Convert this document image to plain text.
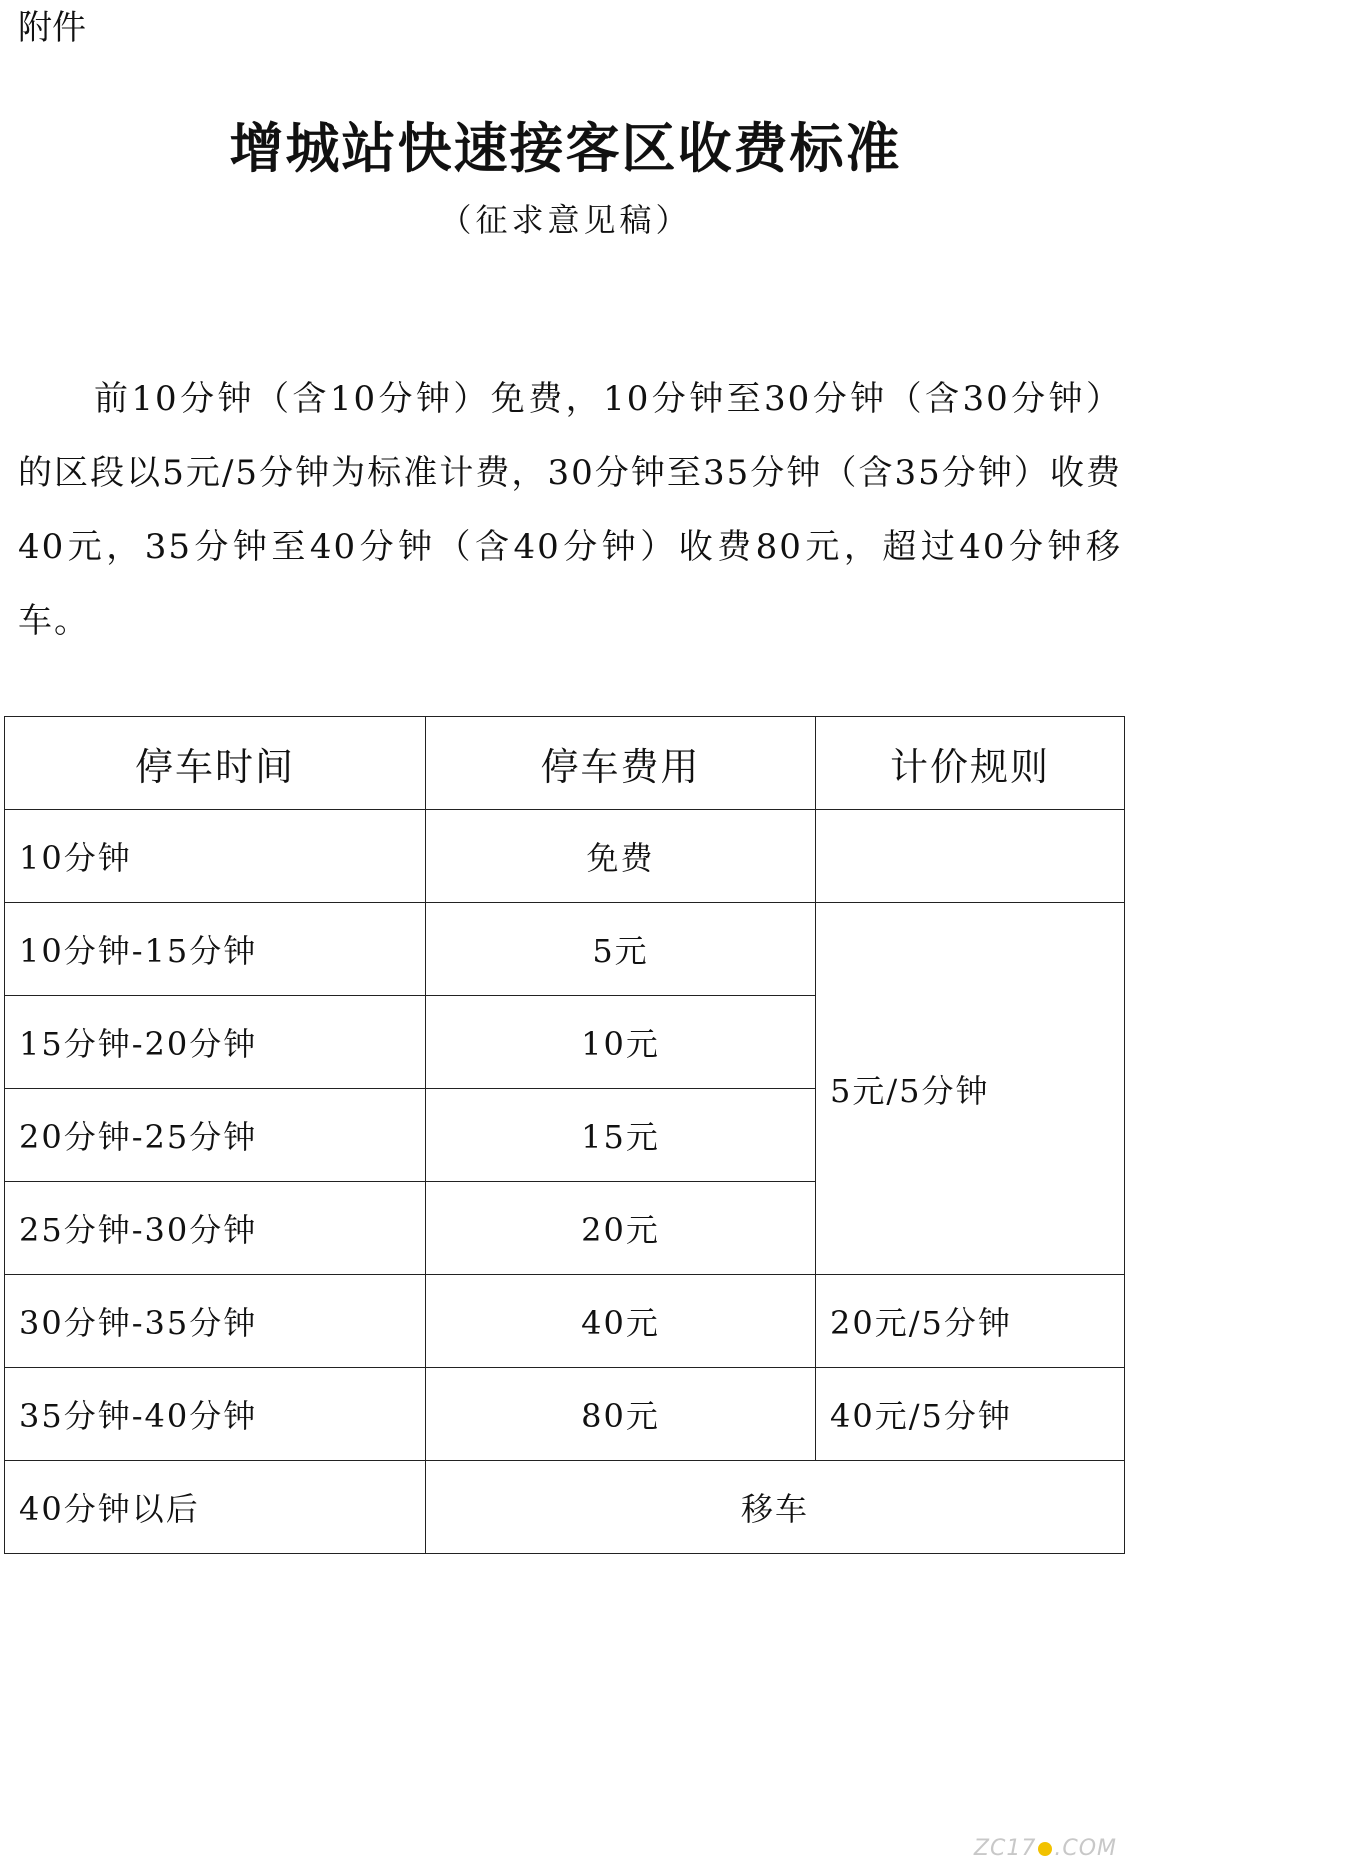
附件
增城站快速接客区收费标准
（征求意见稿）

前10分钟（含10分钟）免费，10分钟至30分钟（含30分钟）的区段以5元/5分钟为标准计费，30分钟至35分钟（含35分钟）收费40元，35分钟至40分钟（含40分钟）收费80元，超过40分钟移车。

停车时间	停车费用	计价规则
10分钟	免费	
10分钟-15分钟	5元	5元/5分钟
15分钟-20分钟	10元	
20分钟-25分钟	15元	
25分钟-30分钟	20元	
30分钟-35分钟	40元	20元/5分钟
35分钟-40分钟	80元	40元/5分钟
40分钟以后	移车	
ZC17 .COM
